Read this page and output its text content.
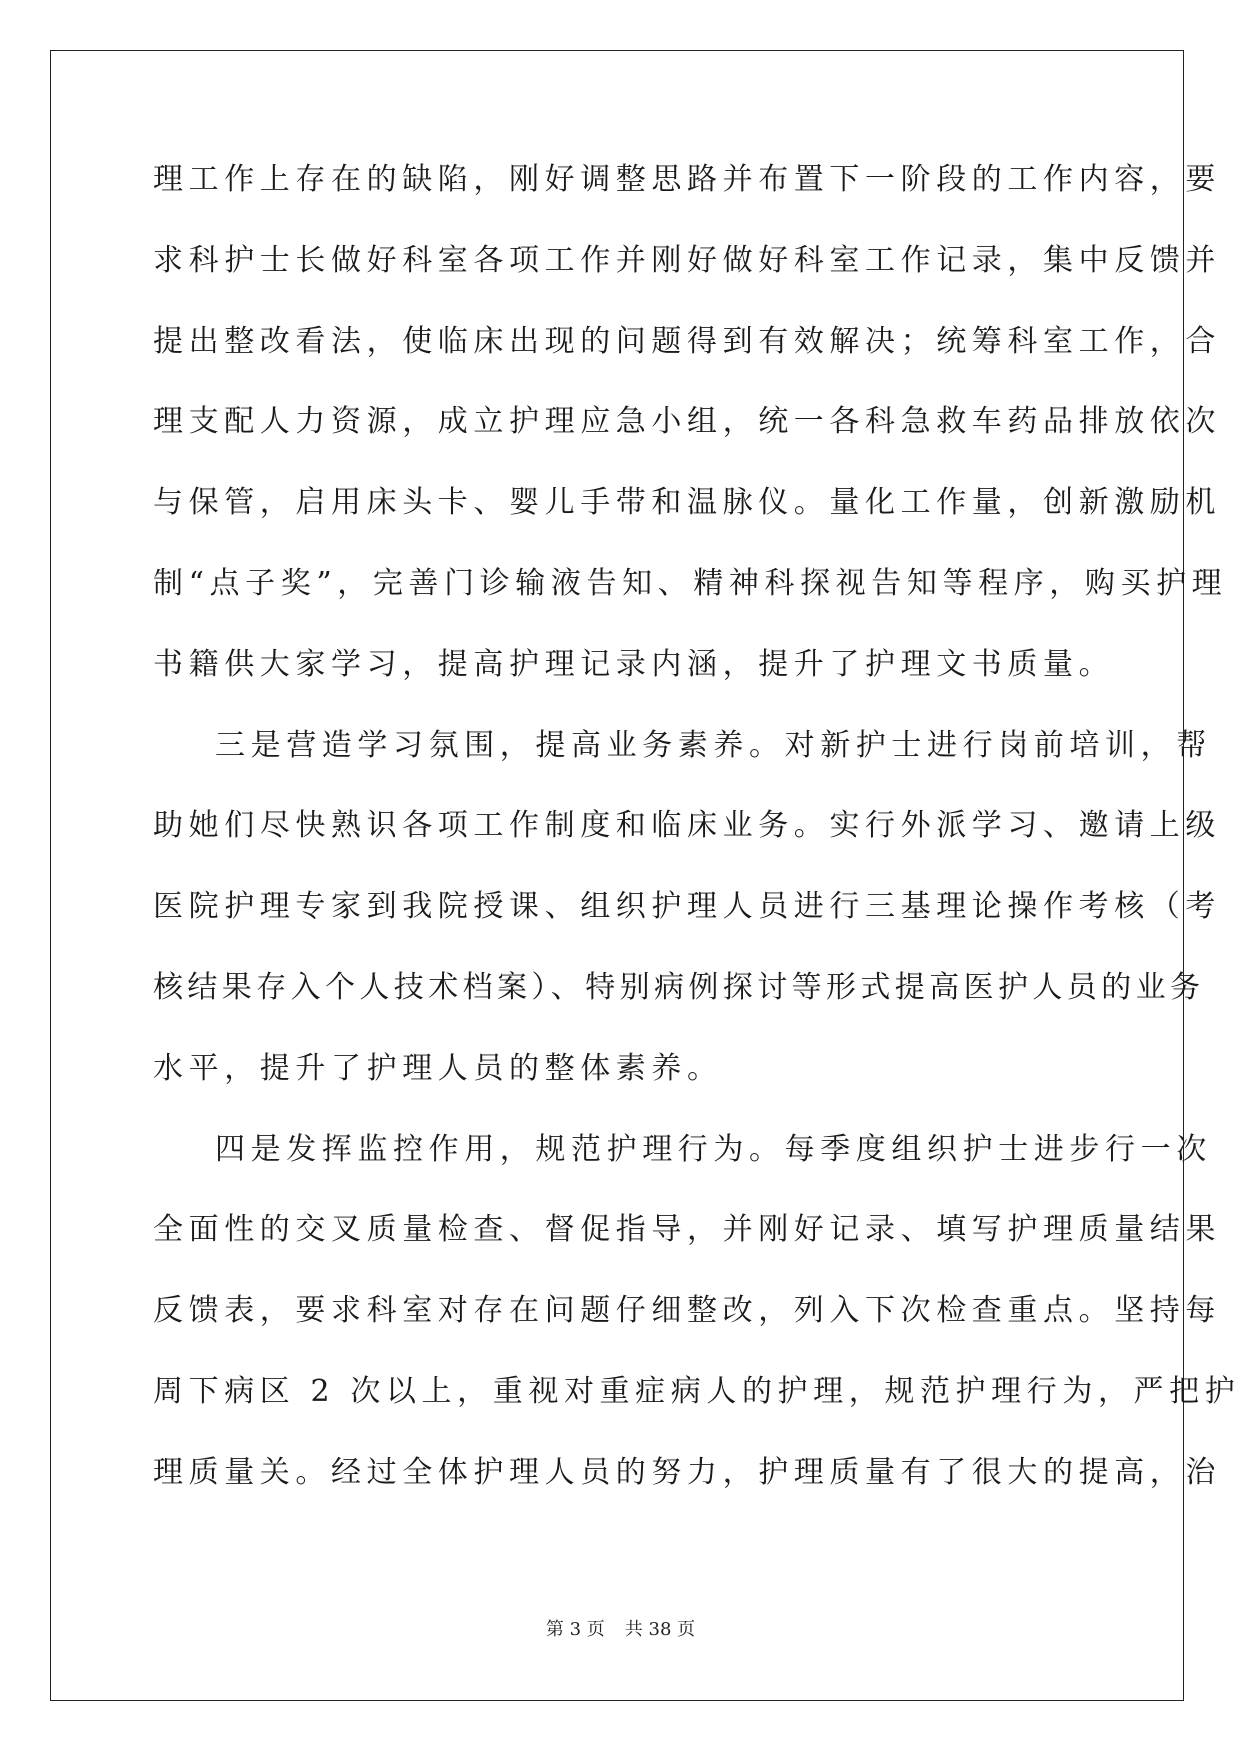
理工作上存在的缺陷，刚好调整思路并布置下一阶段的工作内容，要
求科护士长做好科室各项工作并刚好做好科室工作记录，集中反馈并
提出整改看法，使临床出现的问题得到有效解决；统筹科室工作，合
理支配人力资源，成立护理应急小组，统一各科急救车药品排放依次
与保管，启用床头卡、婴儿手带和温脉仪。量化工作量，创新激励机
制“点子奖”，完善门诊输液告知、精神科探视告知等程序，购买护理
书籍供大家学习，提高护理记录内涵，提升了护理文书质量。
三是营造学习氛围，提高业务素养。对新护士进行岗前培训，帮
助她们尽快熟识各项工作制度和临床业务。实行外派学习、邀请上级
医院护理专家到我院授课、组织护理人员进行三基理论操作考核（考
核结果存入个人技术档案）、特别病例探讨等形式提高医护人员的业务
水平，提升了护理人员的整体素养。
四是发挥监控作用，规范护理行为。每季度组织护士进步行一次
全面性的交叉质量检查、督促指导，并刚好记录、填写护理质量结果
反馈表，要求科室对存在问题仔细整改，列入下次检查重点。坚持每
周下病区 2 次以上，重视对重症病人的护理，规范护理行为，严把护
理质量关。经过全体护理人员的努力，护理质量有了很大的提高，治
第 3 页 共 38 页
